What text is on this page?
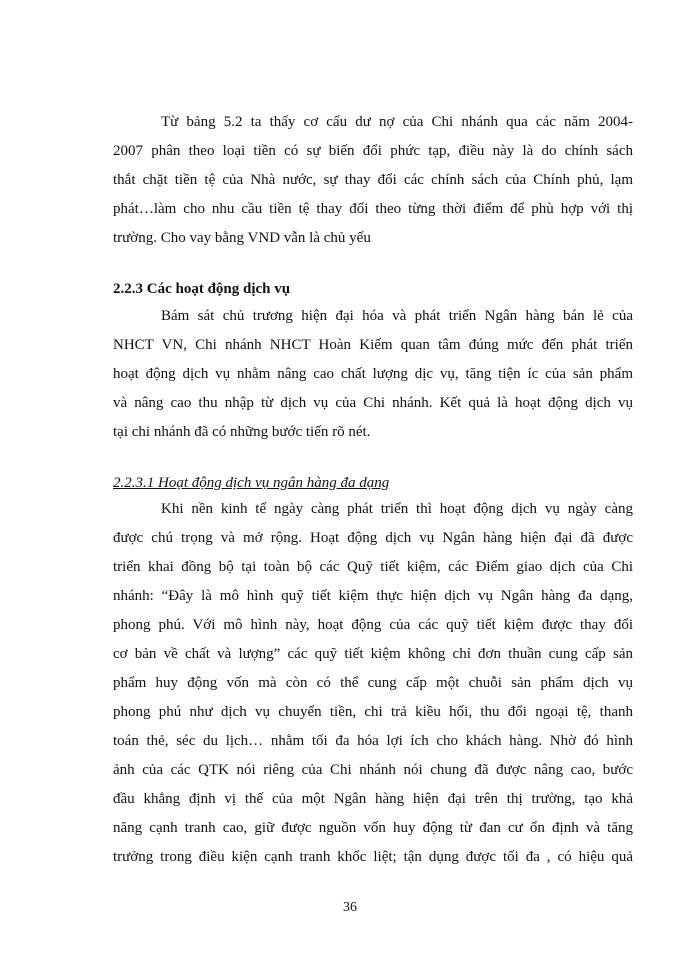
Từ bảng 5.2 ta thấy cơ cấu dư nợ của Chi nhánh qua các năm 2004-
2007 phân theo loại tiền có sự biến đổi phức tạp, điều này là do chính sách
thắt chặt tiền tệ của Nhà nước, sự thay đổi các chính sách của Chính phủ, lạm
phát…làm cho nhu cầu tiền tệ thay đổi theo từng thời điểm để phù hợp với thị
trường. Cho vay bằng VND vẫn là chủ yếu
2.2.3 Các hoạt động dịch vụ
Bám sát chủ trương hiện đại hóa và phát triển Ngân hàng bán lẻ của
NHCT VN, Chi nhánh NHCT Hoàn Kiếm quan tâm đúng mức đến phát triển
hoạt động dịch vụ nhằm nâng cao chất lượng dịc vụ, tăng tiện íc của sản phẩm
và nâng cao thu nhập từ dịch vụ của Chi nhánh. Kết quả là hoạt động dịch vụ
tại chi nhánh đã có những bước tiến rõ nét.
2.2.3.1 Hoạt động dịch vụ ngân hàng đa dạng
Khi nền kinh tế ngày càng phát triển thì hoạt động dịch vụ ngày càng
được chú trọng và mở rộng. Hoạt động dịch vụ Ngân hàng hiện đại đã được
triển khai đồng bộ tại toàn bộ các Quỹ tiết kiệm, các Điểm giao dịch của Chi
nhánh: “Đây là mô hình quỹ tiết kiệm thực hiện dịch vụ Ngân hàng đa dạng,
phong phú. Với mô hình này, hoạt động của các quỹ tiết kiệm được thay đổi
cơ bản về chất và lượng” các quỹ tiết kiệm không chỉ đơn thuần cung cấp sản
phẩm huy động vốn mà còn có thể cung cấp một chuỗi sản phẩm dịch vụ
phong phú như dịch vụ chuyển tiền, chi trả kiều hối, thu đổi ngoại tệ, thanh
toán thẻ, séc du lịch… nhằm tối đa hóa lợi ích cho khách hàng. Nhờ đó hình
ảnh của các QTK nói riêng của Chi nhánh nói chung đã được nâng cao, bước
đầu khẳng định vị thế của một Ngân hàng hiện đại trên thị trường, tạo khả
năng cạnh tranh cao, giữ được nguồn vốn huy động từ đan cư ổn định và tăng
trưởng trong điều kiện cạnh tranh khốc liệt; tận dụng được tối đa , có hiệu quả
36
